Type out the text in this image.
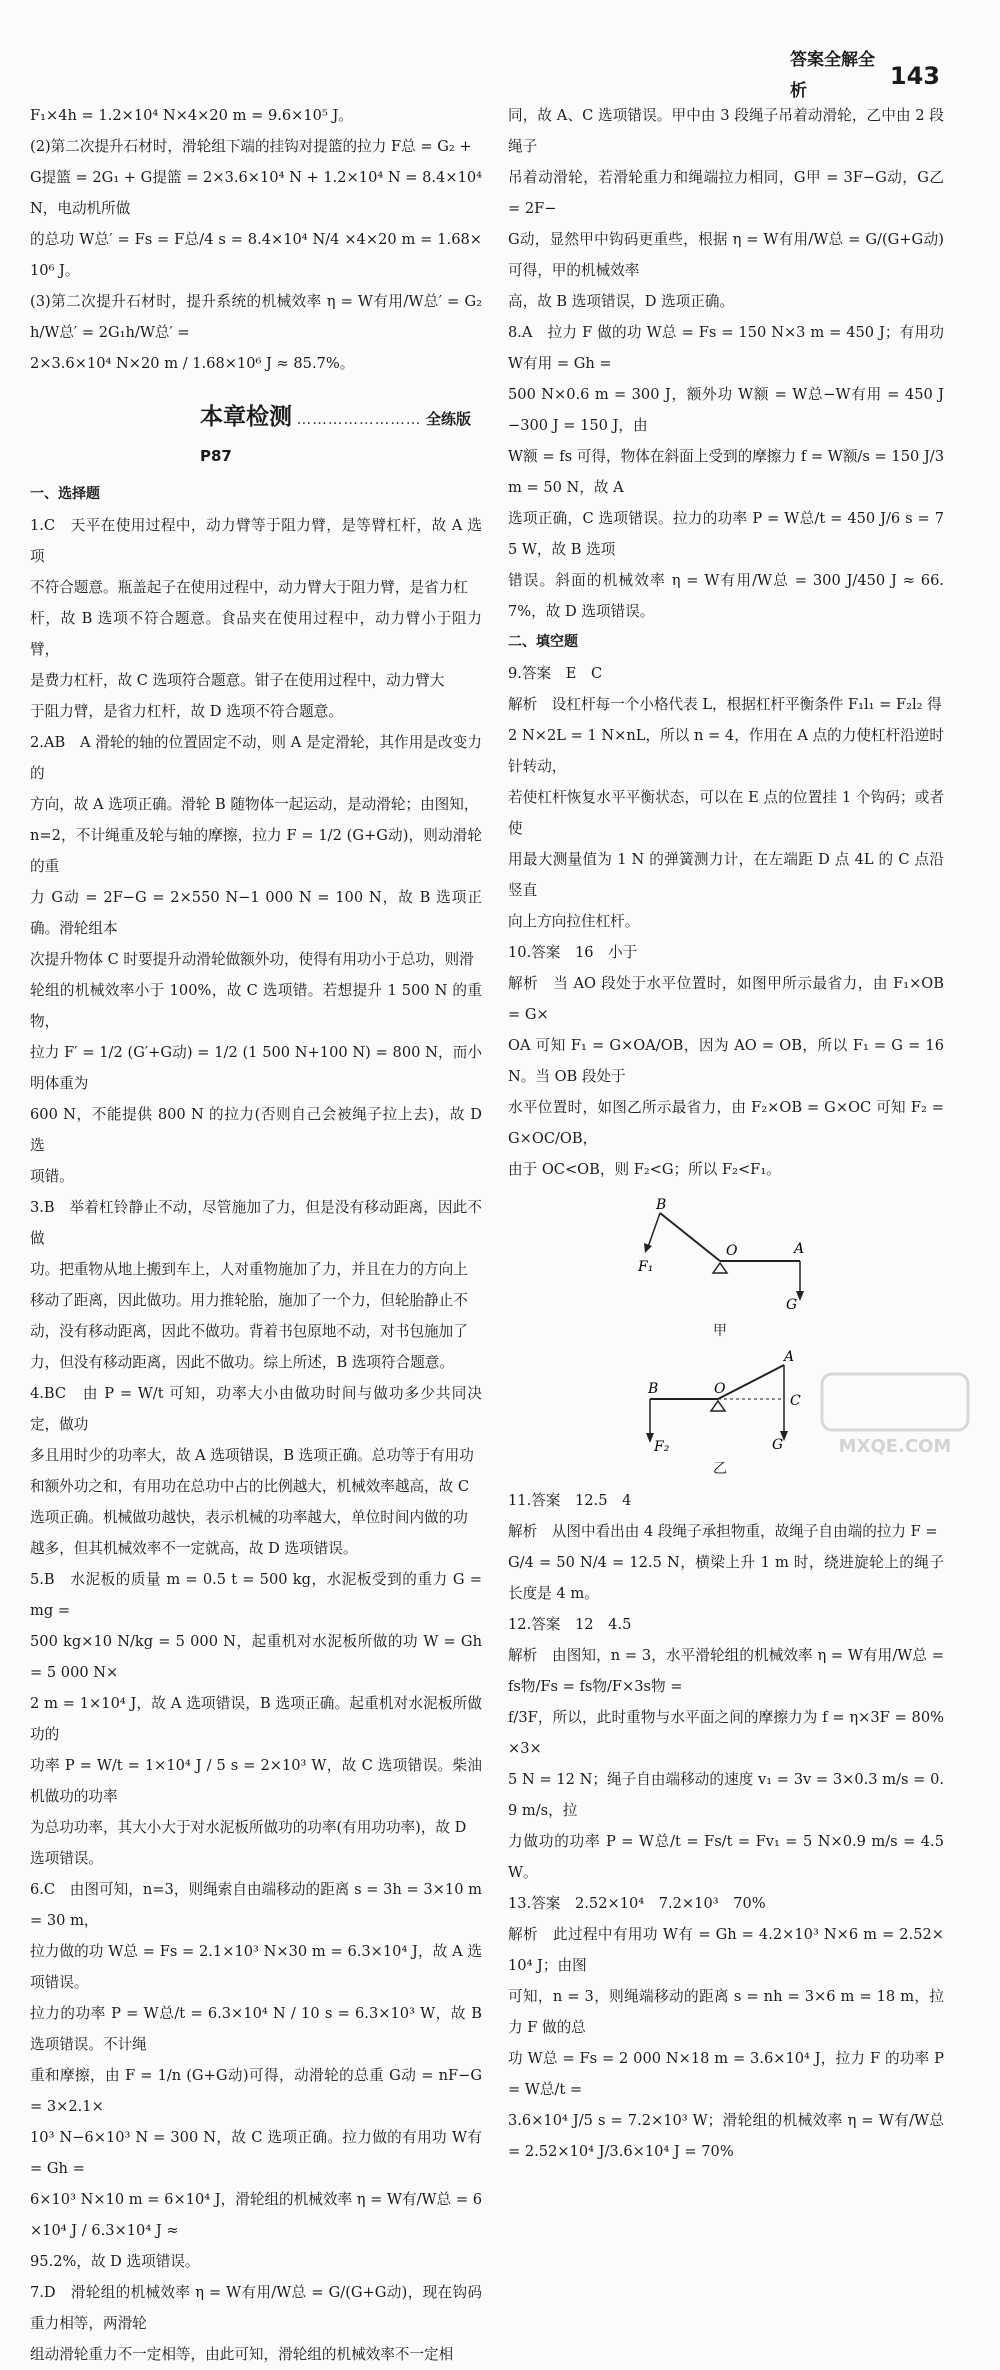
答案全解全析
143

F₁×4h = 1.2×10⁴ N×4×20 m = 9.6×10⁵ J。

(2)第二次提升石材时，滑轮组下端的挂钩对提篮的拉力 F总 = G₂ +

G提篮 = 2G₁ + G提篮 = 2×3.6×10⁴ N + 1.2×10⁴ N = 8.4×10⁴ N，电动机所做

的总功 W总′ = Fs = F总/4 s = 8.4×10⁴ N/4 ×4×20 m = 1.68×10⁶ J。

(3)第二次提升石材时，提升系统的机械效率 η = W有用/W总′ = G₂h/W总′ = 2G₁h/W总′ =

2×3.6×10⁴ N×20 m / 1.68×10⁶ J ≈ 85.7%。

本章检测 …………………… 全练版 P87

一、选择题

1.C　天平在使用过程中，动力臂等于阻力臂，是等臂杠杆，故 A 选项

不符合题意。瓶盖起子在使用过程中，动力臂大于阻力臂，是省力杠

杆，故 B 选项不符合题意。食品夹在使用过程中，动力臂小于阻力臂，

是费力杠杆，故 C 选项符合题意。钳子在使用过程中，动力臂大

于阻力臂，是省力杠杆，故 D 选项不符合题意。

2.AB　A 滑轮的轴的位置固定不动，则 A 是定滑轮，其作用是改变力的

方向，故 A 选项正确。滑轮 B 随物体一起运动，是动滑轮；由图知，

n=2，不计绳重及轮与轴的摩擦，拉力 F = 1/2 (G+G动)，则动滑轮的重

力 G动 = 2F−G = 2×550 N−1 000 N = 100 N，故 B 选项正确。滑轮组本

次提升物体 C 时要提升动滑轮做额外功，使得有用功小于总功，则滑

轮组的机械效率小于 100%，故 C 选项错。若想提升 1 500 N 的重物，

拉力 F′ = 1/2 (G′+G动) = 1/2 (1 500 N+100 N) = 800 N，而小明体重为

600 N，不能提供 800 N 的拉力(否则自己会被绳子拉上去)，故 D 选

项错。

3.B　举着杠铃静止不动，尽管施加了力，但是没有移动距离，因此不做

功。把重物从地上搬到车上，人对重物施加了力，并且在力的方向上

移动了距离，因此做功。用力推轮胎，施加了一个力，但轮胎静止不

动，没有移动距离，因此不做功。背着书包原地不动，对书包施加了

力，但没有移动距离，因此不做功。综上所述，B 选项符合题意。

4.BC　由 P = W/t 可知，功率大小由做功时间与做功多少共同决定，做功

多且用时少的功率大，故 A 选项错误，B 选项正确。总功等于有用功

和额外功之和，有用功在总功中占的比例越大，机械效率越高，故 C

选项正确。机械做功越快，表示机械的功率越大，单位时间内做的功

越多，但其机械效率不一定就高，故 D 选项错误。

5.B　水泥板的质量 m = 0.5 t = 500 kg，水泥板受到的重力 G = mg =

500 kg×10 N/kg = 5 000 N，起重机对水泥板所做的功 W = Gh = 5 000 N×

2 m = 1×10⁴ J，故 A 选项错误，B 选项正确。起重机对水泥板所做功的

功率 P = W/t = 1×10⁴ J / 5 s = 2×10³ W，故 C 选项错误。柴油机做功的功率

为总功功率，其大小大于对水泥板所做功的功率(有用功功率)，故 D

选项错误。

6.C　由图可知，n=3，则绳索自由端移动的距离 s = 3h = 3×10 m = 30 m，

拉力做的功 W总 = Fs = 2.1×10³ N×30 m = 6.3×10⁴ J，故 A 选项错误。

拉力的功率 P = W总/t = 6.3×10⁴ N / 10 s = 6.3×10³ W，故 B 选项错误。不计绳

重和摩擦，由 F = 1/n (G+G动)可得，动滑轮的总重 G动 = nF−G = 3×2.1×

10³ N−6×10³ N = 300 N，故 C 选项正确。拉力做的有用功 W有 = Gh =

6×10³ N×10 m = 6×10⁴ J，滑轮组的机械效率 η = W有/W总 = 6×10⁴ J / 6.3×10⁴ J ≈

95.2%，故 D 选项错误。

7.D　滑轮组的机械效率 η = W有用/W总 = G/(G+G动)，现在钩码重力相等，两滑轮

组动滑轮重力不一定相等，由此可知，滑轮组的机械效率不一定相

同，故 A、C 选项错误。甲中由 3 段绳子吊着动滑轮，乙中由 2 段绳子

吊着动滑轮，若滑轮重力和绳端拉力相同，G甲 = 3F−G动，G乙 = 2F−

G动，显然甲中钩码更重些，根据 η = W有用/W总 = G/(G+G动) 可得，甲的机械效率

高，故 B 选项错误，D 选项正确。

8.A　拉力 F 做的功 W总 = Fs = 150 N×3 m = 450 J；有用功 W有用 = Gh =

500 N×0.6 m = 300 J，额外功 W额 = W总−W有用 = 450 J−300 J = 150 J，由

W额 = fs 可得，物体在斜面上受到的摩擦力 f = W额/s = 150 J/3 m = 50 N，故 A

选项正确，C 选项错误。拉力的功率 P = W总/t = 450 J/6 s = 75 W，故 B 选项

错误。斜面的机械效率 η = W有用/W总 = 300 J/450 J ≈ 66.7%，故 D 选项错误。

二、填空题

9.答案　E　C

解析　设杠杆每一个小格代表 L，根据杠杆平衡条件 F₁l₁ = F₂l₂ 得

2 N×2L = 1 N×nL，所以 n = 4，作用在 A 点的力使杠杆沿逆时针转动，

若使杠杆恢复水平平衡状态，可以在 E 点的位置挂 1 个钩码；或者使

用最大测量值为 1 N 的弹簧测力计，在左端距 D 点 4L 的 C 点沿竖直

向上方向拉住杠杆。

10.答案　16　小于

解析　当 AO 段处于水平位置时，如图甲所示最省力，由 F₁×OB = G×

OA 可知 F₁ = G×OA/OB，因为 AO = OB，所以 F₁ = G = 16 N。当 OB 段处于

水平位置时，如图乙所示最省力，由 F₂×OB = G×OC 可知 F₂ = G×OC/OB，

由于 OC<OB，则 F₂<G；所以 F₂<F₁。

B
O	A
F₁
G
甲
B	O
A
C
F₂	G
乙

11.答案　12.5　4

解析　从图中看出由 4 段绳子承担物重，故绳子自由端的拉力 F =

G/4 = 50 N/4 = 12.5 N，横梁上升 1 m 时，绕进旋轮上的绳子长度是 4 m。

12.答案　12　4.5

解析　由图知，n = 3，水平滑轮组的机械效率 η = W有用/W总 = fs物/Fs = fs物/F×3s物 =

f/3F，所以，此时重物与水平面之间的摩擦力为 f = η×3F = 80%×3×

5 N = 12 N；绳子自由端移动的速度 v₁ = 3v = 3×0.3 m/s = 0.9 m/s，拉

力做功的功率 P = W总/t = Fs/t = Fv₁ = 5 N×0.9 m/s = 4.5 W。

13.答案　2.52×10⁴　7.2×10³　70%

解析　此过程中有用功 W有 = Gh = 4.2×10³ N×6 m = 2.52×10⁴ J；由图

可知，n = 3，则绳端移动的距离 s = nh = 3×6 m = 18 m，拉力 F 做的总

功 W总 = Fs = 2 000 N×18 m = 3.6×10⁴ J，拉力 F 的功率 P = W总/t =

3.6×10⁴ J/5 s = 7.2×10³ W；滑轮组的机械效率 η = W有/W总 = 2.52×10⁴ J/3.6×10⁴ J = 70%

MXQE.COM
